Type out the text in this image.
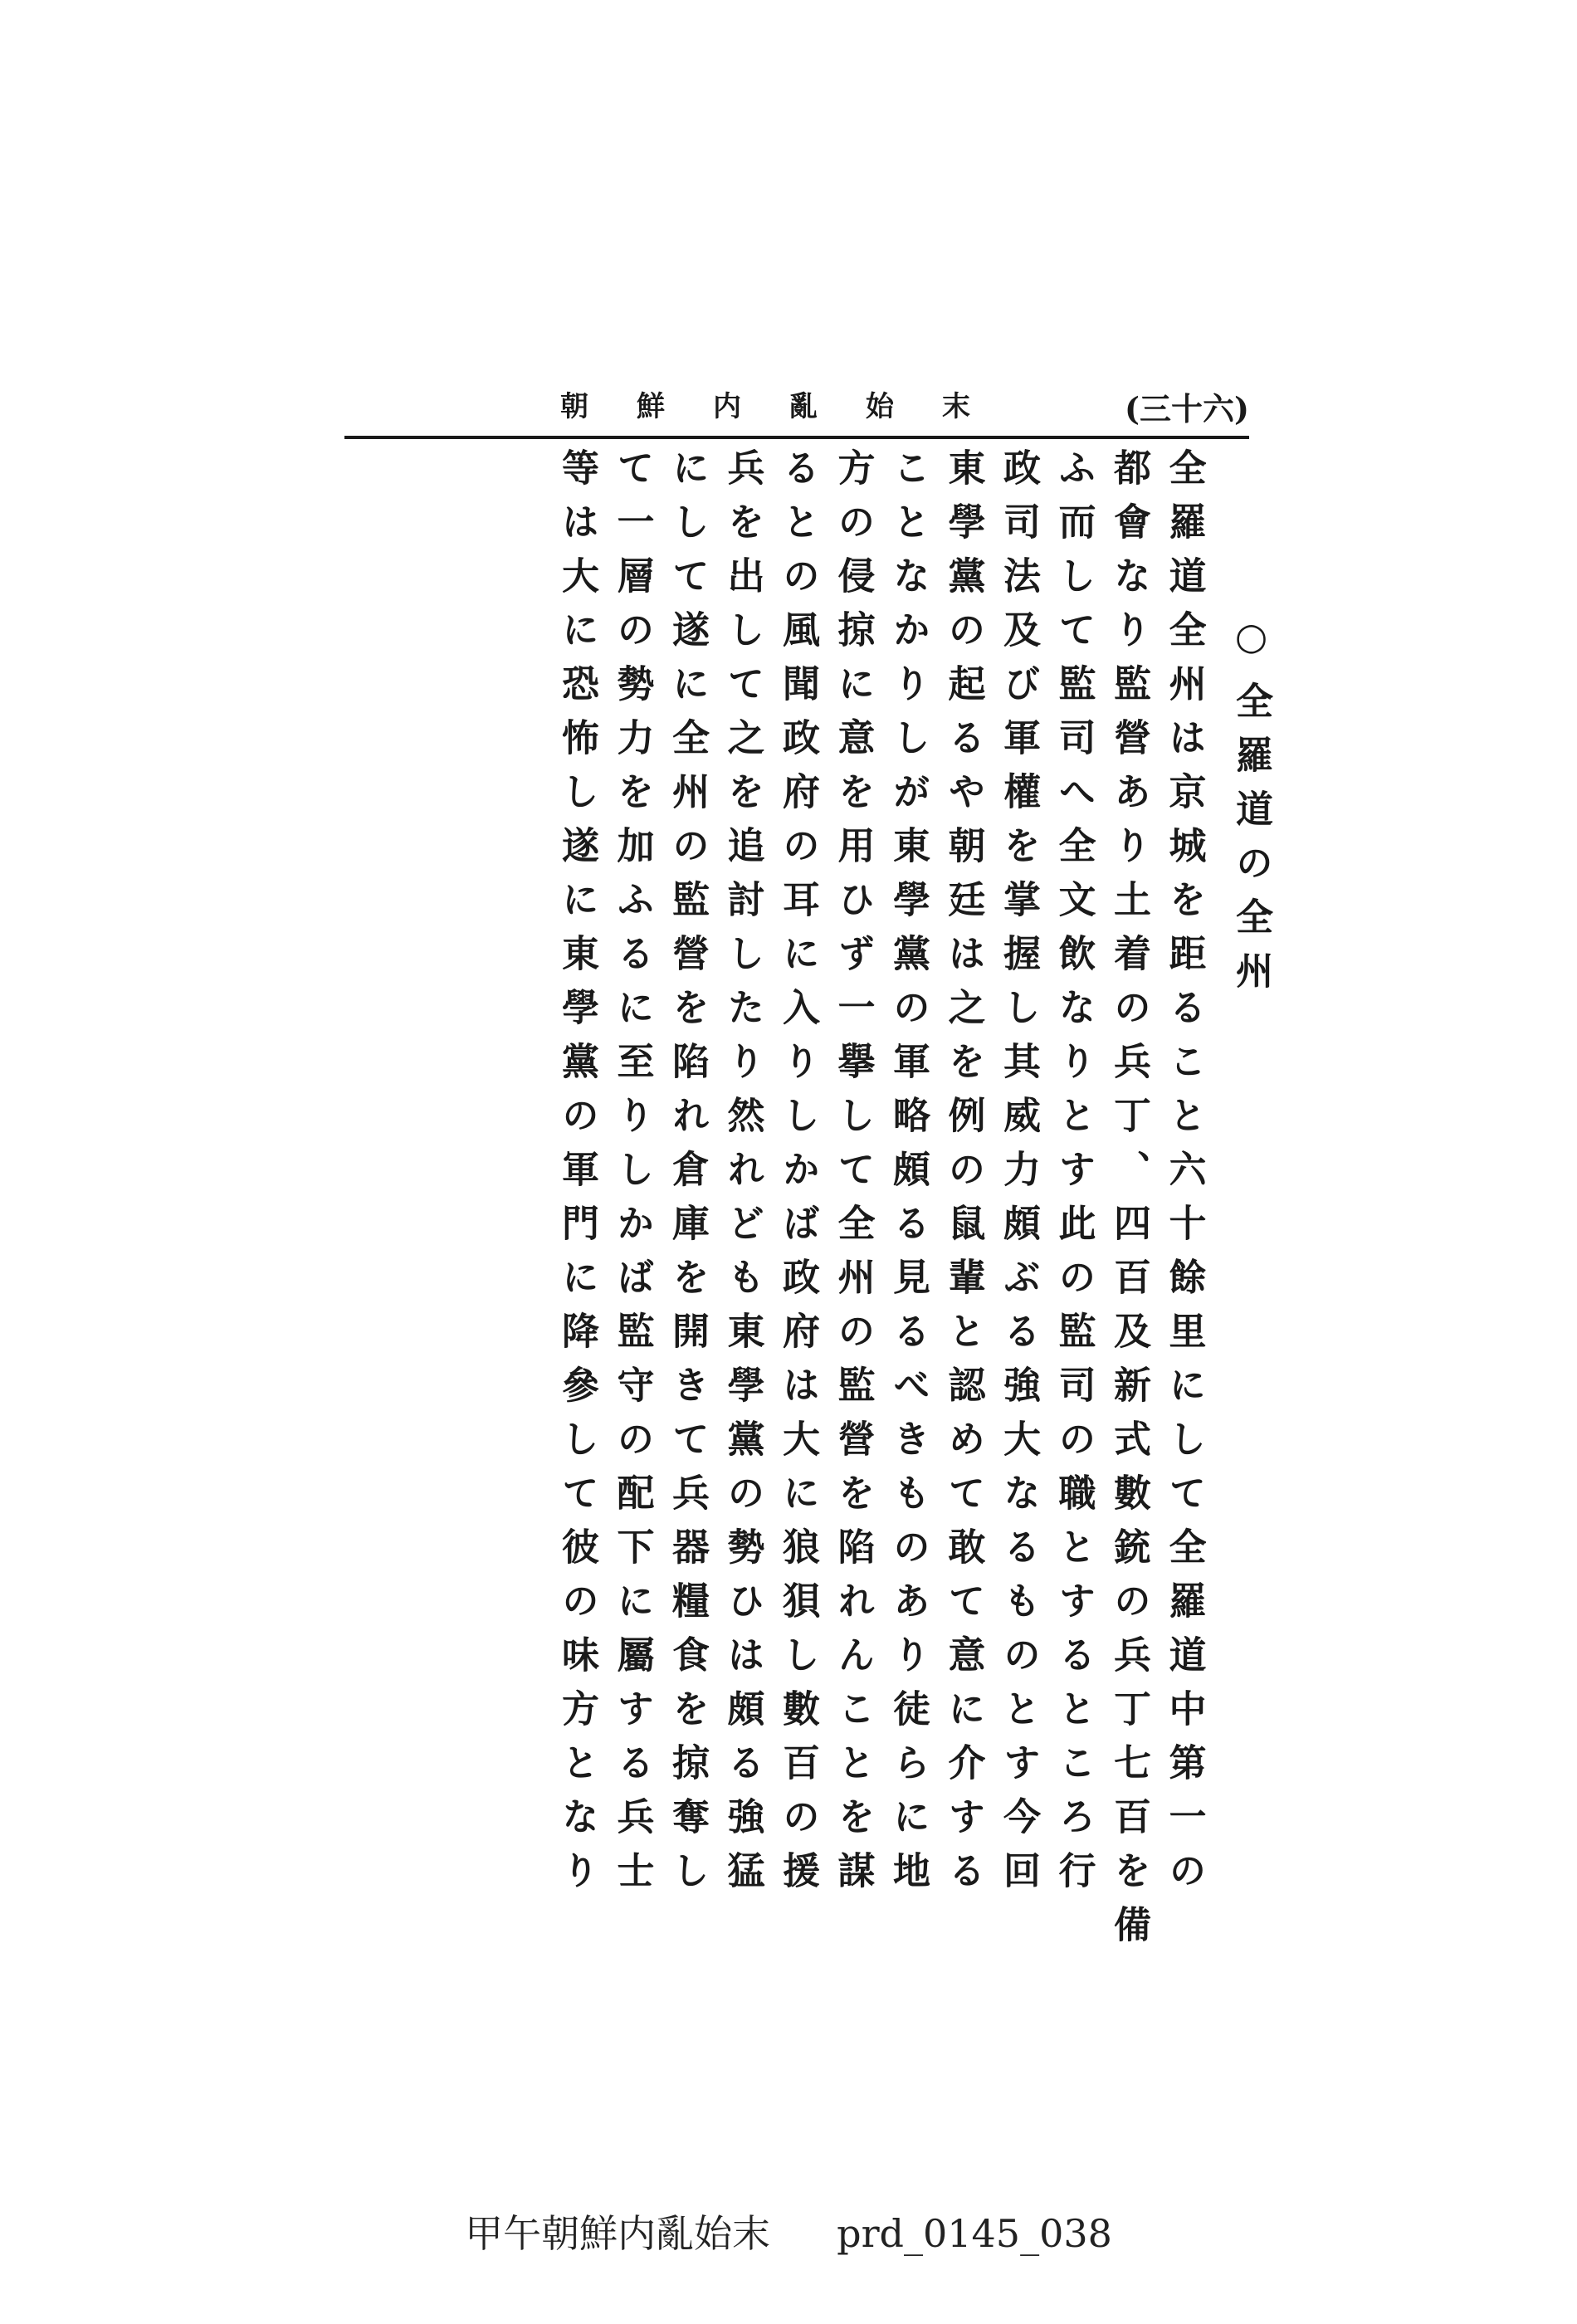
朝鮮内亂始末	(三十六)
○全羅道の全州
全羅道全州は京城を距ること六十餘里にして全羅道中第一の
都會なり監營あり土着の兵丁、四百及新式數銃の兵丁七百を備
ふ而して監司へ全文飲なりとす此の監司の職とするところ行
政司法及び軍權を掌握し其威力頗ぶる強大なるものとす今回
東學黨の起るや朝廷は之を例の鼠輩と認めて敢て意に介する
ことなかりしが東學黨の軍略頗る見るべきものあり徒らに地
方の侵掠に意を用ひず一擧して全州の監營を陷れんことを謀
るとの風聞政府の耳に入りしかば政府は大に狼狽し數百の援
兵を出して之を追討したり然れども東學黨の勢ひは頗る強猛
にして遂に全州の監營を陷れ倉庫を開きて兵器糧食を掠奪し
て一層の勢力を加ふるに至りしかば監守の配下に屬する兵士
等は大に恐怖し遂に東學黨の軍門に降參して彼の味方となり
甲午朝鮮内亂始末 prd_0145_038
